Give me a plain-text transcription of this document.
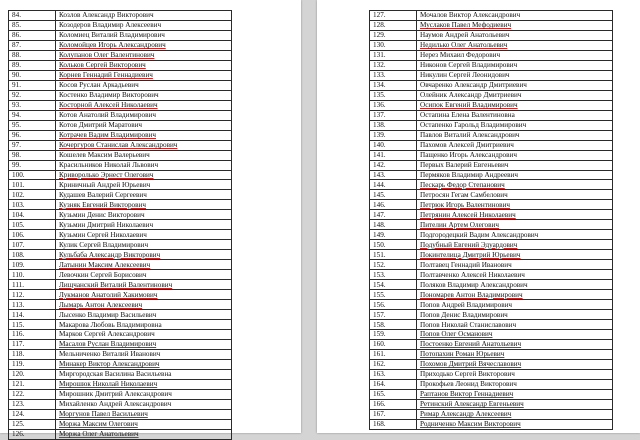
84.	Козлов Александр Викторович
85.	Козодеров Владимир Алексеевич
86.	Коломиец Виталий Владимирович
87.	Коломойцев Игорь Александрович
88.	Колупанов Олег Валентинович
89.	Кольков Сергей Викторович
90.	Корнев Геннадий Геннадиевич
91.	Косов Руслан Аркадьевич
92.	Костенко Владимир Викторович
93.	Косторной Алексей Николаевич
94.	Котов Анатолий Владимирович
95.	Котов Дмитрий Маратович
96.	Котрачев Вадим Владимирович
97.	Кочергуров Станислав Александрович
98.	Кошелев Максим Валерьевич
99.	Красильников Николай Львович
100.	Криворолько Эрнест Олегович
101.	Криничный Андрей Юрьевич
102.	Кудашев Валерий Сергеевич
103.	Кузняк Евгений Викторович
104.	Кузьмин Денис Викторович
105.	Кузьмин Дмитрий Николаевич
106.	Кузьмин Сергей Николаевич
107.	Кулик Сергей Владимирович
108.	Кульбаба Александр Викторович
109.	Латынин Максим Алексеевич
110.	Левочкин Сергей Борисович
111.	Лищчанский Виталий Валентинович
112.	Лукманов Анатолий Хакимович
113.	Лымарь Антон Алексеевич
114.	Лысенко Владимир Васильевич
115.	Макарова Любовь Владимировна
116.	Марков Сергей Александрович
117.	Масалов Руслан Владимирович
118.	Мельниченко Виталий Иванович
119.	Минакер Виктор Александрович
120.	Миргородская Василина Васильевна
121.	Мирошюк Николай Николаевич
122.	Мирошник Дмитрий Александрович
123.	Михайленко Андрей Александрович
124.	Моргунов Павел Васильевич
125.	Моржа Максим Олегович
126.	Моржа Олег Анатольевич
127.	Мочалов Виктор Александрович
128.	Муслаков Павел Мефодиевич
129.	Наумов Андрей Анатольевич
130.	Недилько Олег Анатольевич
131.	Нерез Михаил Федорович
132.	Никонов Сергей Владимирович
133.	Никулин Сергей Леонидович
134.	Овчаренко Александр Дмитриевич
135.	Олейник Александр Дмитриевич
136.	Осипок Евгений Владимирович
137.	Остапина Елена Валентиновна
138.	Остапенко Гарольд Владимирович
139.	Павлов Виталий Александрович
140.	Пахомов Алексей Дмитриевич
141.	Пащенко Игорь Александрович
142.	Первых Валерий Евгеньевич
143.	Пермяков Владимир Андреевич
144.	Пескарь Федор Степанович
145.	Петросян Гегам Самбелович
146.	Петрюк Игорь Валентинович
147.	Петрянин Алексей Николаевич
148.	Пителин Артем Олегович
149.	Подгородецкий Вадим Александрович
150.	Подубный Евгений Эдуардович
151.	Покинтелица Дмитрий Юрьевич
152.	Полтавец Геннадий Иванович
153.	Полтавченко Алексей Николаевич
154.	Поляков Владимир Александрович
155.	Пономарев Антон Владимирович
156.	Попов Андрей Владимирович
157.	Попов Денис Владимирович
158.	Попов Николай Станиславович
159.	Попов Олег Османович
160.	Постоенко Евгений Анатольевич
161.	Потопахин Роман Юрьевич
162.	Похомов Дмитрий Вячеславович
163.	Приходько Сергей Викторович
164.	Прокофьев Леонид Викторович
165.	Раптанов Виктор Геннадиевич
166.	Ретинский Александр Евгеньевич
167.	Римар Александр Алексеевич
168.	Родниченко Максим Викторович
